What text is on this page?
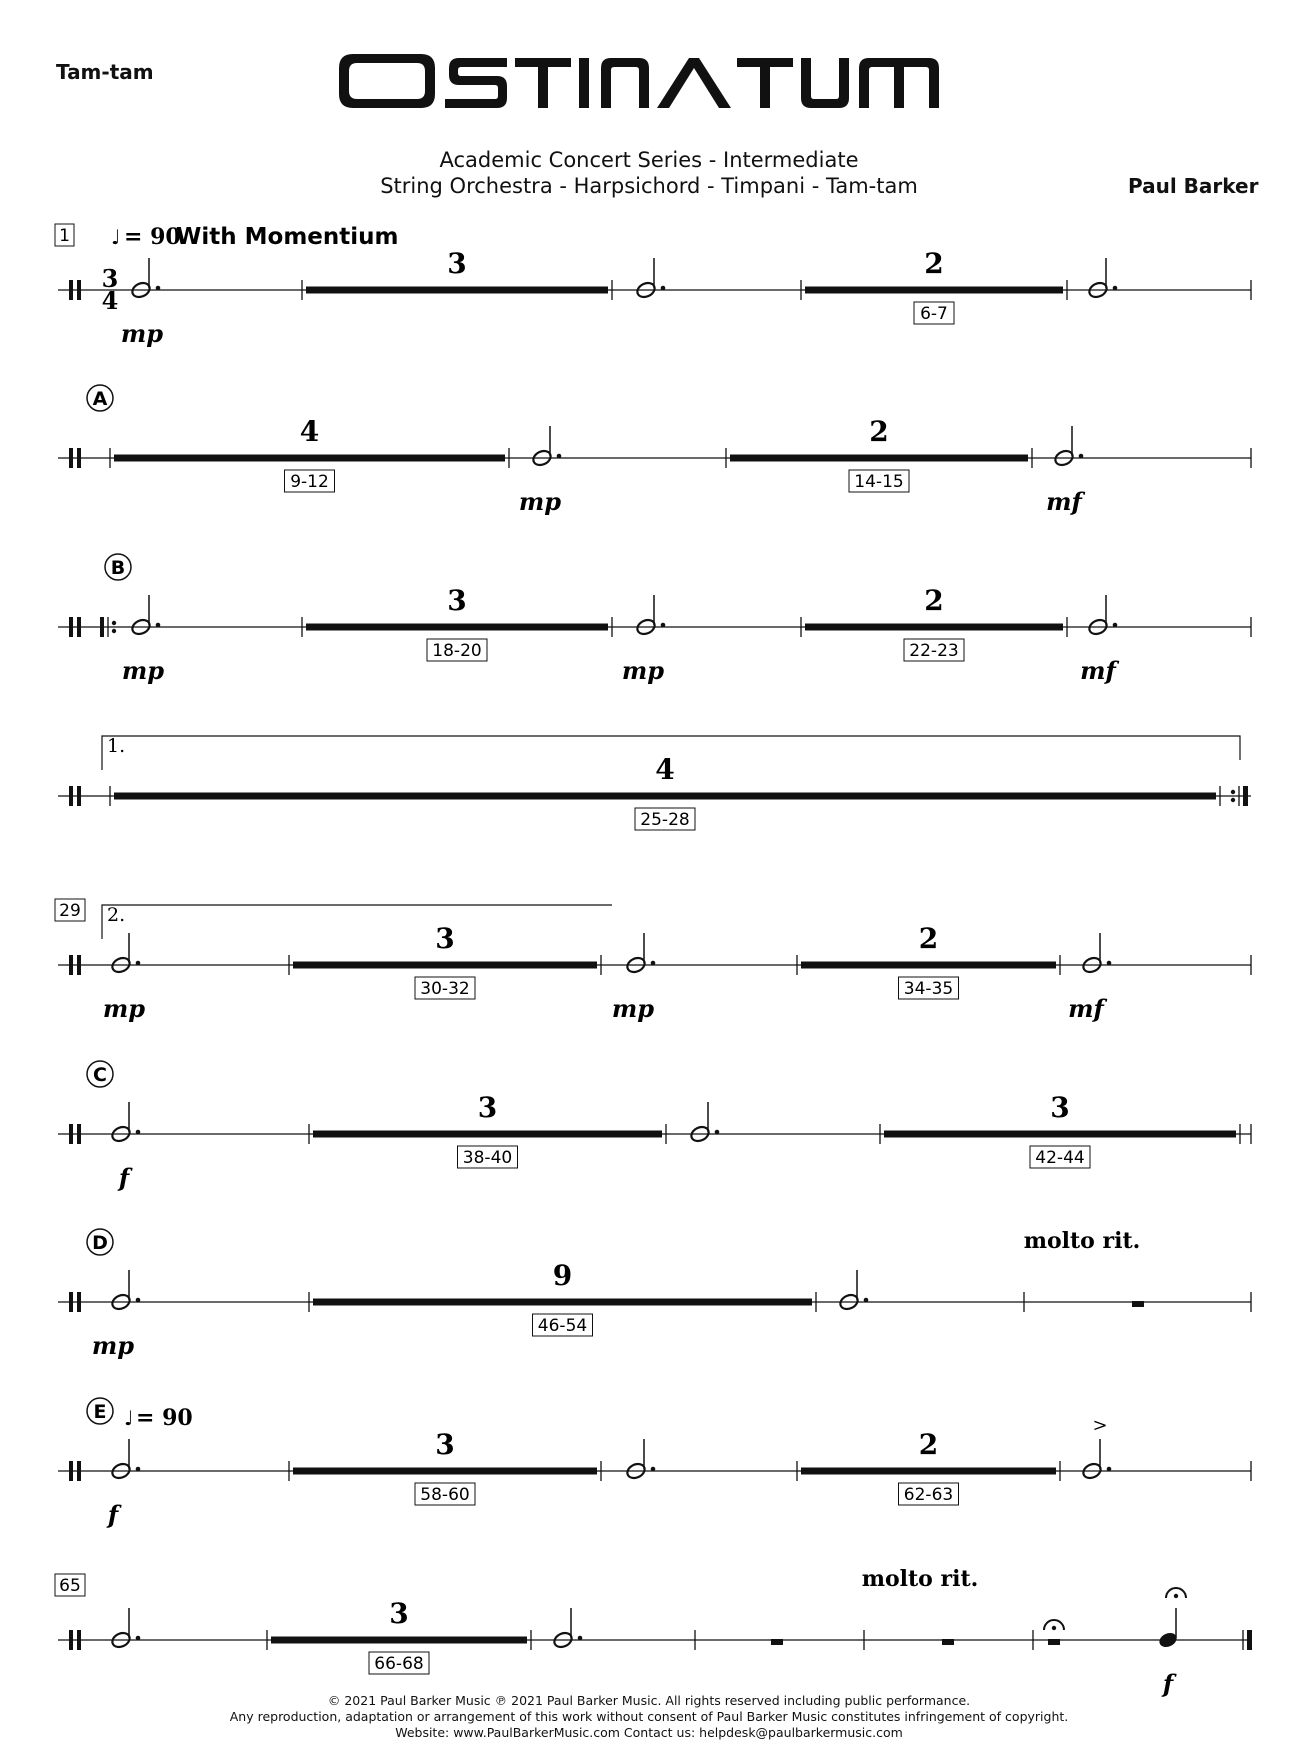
Tam-tam
Academic Concert Series - Intermediate
String Orchestra - Harpsichord - Timpani - Tam-tam	Paul Barker
♩ = 90
With Momentium
1
3
4
mp
3	2
6-7
A
4
9-12
mp
2
14-15
mf
B
mp
3
18-20
mp
2
22-23
mf
1.
4
25-28
29 2.
mp
3
30-32
mp
2
34-35
mf
C
f
3
38-40
3
42-44
D
mp
9
46-54
molto rit.
E ♩ = 90
f
3
58-60
2
62-63
>
65
3
66-68
molto rit.
f
© 2021 Paul Barker Music ℗ 2021 Paul Barker Music. All rights reserved including public performance.
Any reproduction, adaptation or arrangement of this work without consent of Paul Barker Music constitutes infringement of copyright.
Website: www.PaulBarkerMusic.com Contact us: helpdesk@paulbarkermusic.com
